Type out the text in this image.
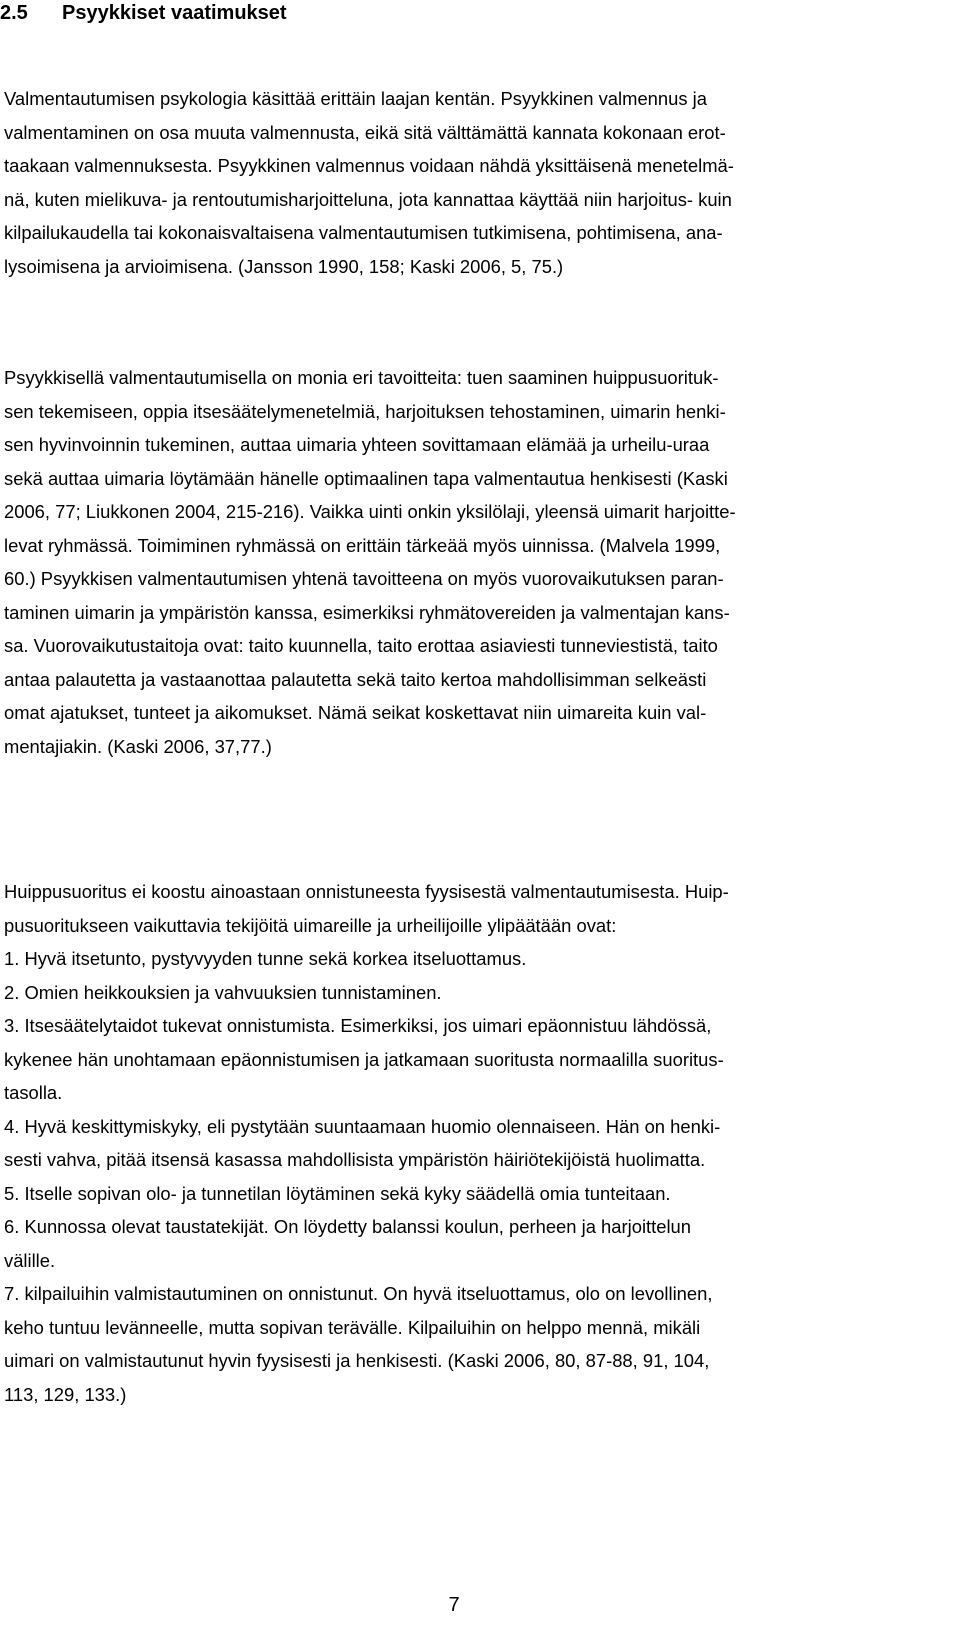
2.5 Psyykkiset vaatimukset

Valmentautumisen psykologia käsittää erittäin laajan kentän. Psyykkinen valmennus ja
valmentaminen on osa muuta valmennusta, eikä sitä välttämättä kannata kokonaan erot-
taakaan valmennuksesta. Psyykkinen valmennus voidaan nähdä yksittäisenä menetelmä-
nä, kuten mielikuva- ja rentoutumisharjoitteluna, jota kannattaa käyttää niin harjoitus- kuin
kilpailukaudella tai kokonaisvaltaisena valmentautumisen tutkimisena, pohtimisena, ana-
lysoimisena ja arvioimisena. (Jansson 1990, 158; Kaski 2006, 5, 75.)

Psyykkisellä valmentautumisella on monia eri tavoitteita: tuen saaminen huippusuorituk-
sen tekemiseen, oppia itsesäätelymenetelmiä, harjoituksen tehostaminen, uimarin henki-
sen hyvinvoinnin tukeminen, auttaa uimaria yhteen sovittamaan elämää ja urheilu-uraa
sekä auttaa uimaria löytämään hänelle optimaalinen tapa valmentautua henkisesti (Kaski
2006, 77; Liukkonen 2004, 215-216). Vaikka uinti onkin yksilölaji, yleensä uimarit harjoitte-
levat ryhmässä. Toimiminen ryhmässä on erittäin tärkeää myös uinnissa. (Malvela 1999,
60.) Psyykkisen valmentautumisen yhtenä tavoitteena on myös vuorovaikutuksen paran-
taminen uimarin ja ympäristön kanssa, esimerkiksi ryhmätovereiden ja valmentajan kans-
sa. Vuorovaikutustaitoja ovat: taito kuunnella, taito erottaa asiaviesti tunneviestistä, taito
antaa palautetta ja vastaanottaa palautetta sekä taito kertoa mahdollisimman selkeästi
omat ajatukset, tunteet ja aikomukset. Nämä seikat koskettavat niin uimareita kuin val-
mentajiakin. (Kaski 2006, 37,77.)

Huippusuoritus ei koostu ainoastaan onnistuneesta fyysisestä valmentautumisesta. Huip-
pusuoritukseen vaikuttavia tekijöitä uimareille ja urheilijoille ylipäätään ovat:
1. Hyvä itsetunto, pystyvyyden tunne sekä korkea itseluottamus.
2. Omien heikkouksien ja vahvuuksien tunnistaminen.
3. Itsesäätelytaidot tukevat onnistumista. Esimerkiksi, jos uimari epäonnistuu lähdössä,
kykenee hän unohtamaan epäonnistumisen ja jatkamaan suoritusta normaalilla suoritus-
tasolla.
4. Hyvä keskittymiskyky, eli pystytään suuntaamaan huomio olennaiseen. Hän on henki-
sesti vahva, pitää itsensä kasassa mahdollisista ympäristön häiriötekijöistä huolimatta.
5. Itselle sopivan olo- ja tunnetilan löytäminen sekä kyky säädellä omia tunteitaan.
6. Kunnossa olevat taustatekijät. On löydetty balanssi koulun, perheen ja harjoittelun
välille.
7. kilpailuihin valmistautuminen on onnistunut. On hyvä itseluottamus, olo on levollinen,
keho tuntuu levänneelle, mutta sopivan terävälle. Kilpailuihin on helppo mennä, mikäli
uimari on valmistautunut hyvin fyysisesti ja henkisesti. (Kaski 2006, 80, 87-88, 91, 104,
113, 129, 133.)

7
